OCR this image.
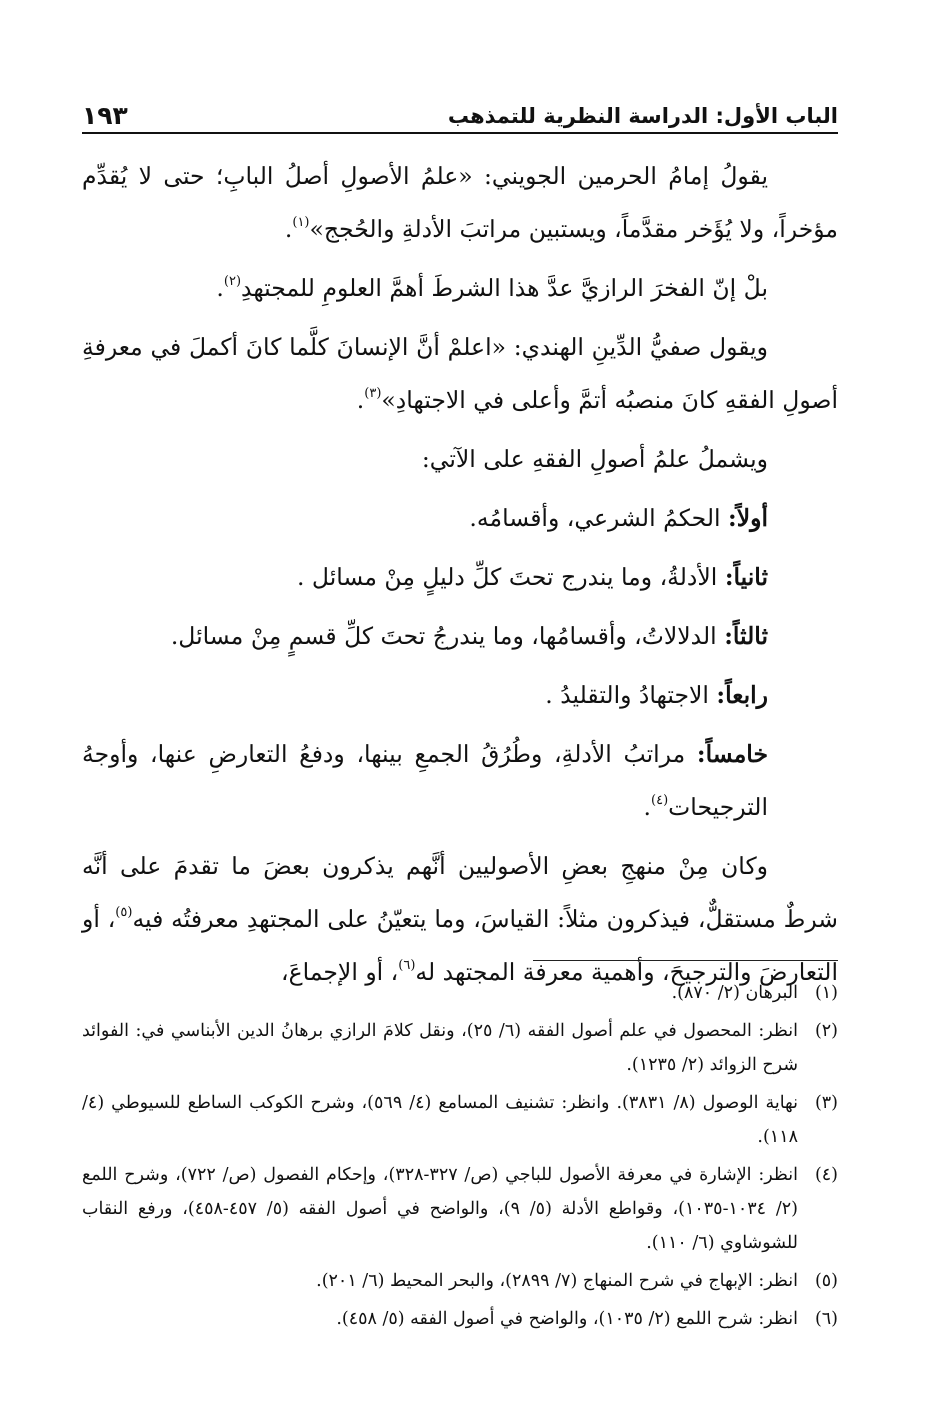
الباب الأول: الدراسة النظرية للتمذهب
١٩٣

يقولُ إمامُ الحرمين الجويني: «علمُ الأصولِ أصلُ البابِ؛ حتى لا يُقدِّم مؤخراً، ولا يُؤَخر مقدَّماً، ويستبين مراتبَ الأدلةِ والحُجج»$^{(١)}$.

بلْ إنّ الفخرَ الرازيَّ عدَّ هذا الشرطَ أهمَّ العلومِ للمجتهدِ$^{(٢)}$.

ويقول صفيُّ الدِّينِ الهندي: «اعلمْ أنَّ الإنسانَ كلَّما كانَ أكملَ في معرفةِ أصولِ الفقهِ كانَ منصبُه أتمَّ وأعلى في الاجتهادِ»$^{(٣)}$.

ويشملُ علمُ أصولِ الفقهِ على الآتي:

أولاً: الحكمُ الشرعي، وأقسامُه.

ثانياً: الأدلةُ، وما يندرج تحتَ كلِّ دليلٍ مِنْ مسائل .

ثالثاً: الدلالاتُ، وأقسامُها، وما يندرجُ تحتَ كلِّ قسمٍ مِنْ مسائل.

رابعاً: الاجتهادُ والتقليدُ .

خامساً: مراتبُ الأدلةِ، وطُرُقُ الجمعِ بينها، ودفعُ التعارضِ عنها، وأوجهُ الترجيحات$^{(٤)}$.

وكان مِنْ منهجِ بعضِ الأصوليين أنَّهم يذكرون بعضَ ما تقدمَ على أنَّه شرطٌ مستقلٌّ، فيذكرون مثلاً: القياسَ، وما يتعيّنُ على المجتهدِ معرفتُه فيه$^{(٥)}$، أو التعارضَ والترجيحَ، وأهمية معرفة المجتهد له$^{(٦)}$، أو الإجماعَ،

(١)
البرهان (٢/ ٨٧٠).
(٢)
انظر: المحصول في علم أصول الفقه (٦/ ٢٥)، ونقل كلامَ الرازي برهانُ الدين الأبناسي في: الفوائد شرح الزوائد (٢/ ١٢٣٥).
(٣)
نهاية الوصول (٨/ ٣٨٣١). وانظر: تشنيف المسامع (٤/ ٥٦٩)، وشرح الكوكب الساطع للسيوطي (٤/ ١١٨).
(٤)
انظر: الإشارة في معرفة الأصول للباجي (ص/ ٣٢٧-٣٢٨)، وإحكام الفصول (ص/ ٧٢٢)، وشرح اللمع (٢/ ١٠٣٤-١٠٣٥)، وقواطع الأدلة (٥/ ٩)، والواضح في أصول الفقه (٥/ ٤٥٧-٤٥٨)، ورفع النقاب للشوشاوي (٦/ ١١٠).
(٥)
انظر: الإبهاج في شرح المنهاج (٧/ ٢٨٩٩)، والبحر المحيط (٦/ ٢٠١).
(٦)
انظر: شرح اللمع (٢/ ١٠٣٥)، والواضح في أصول الفقه (٥/ ٤٥٨).
